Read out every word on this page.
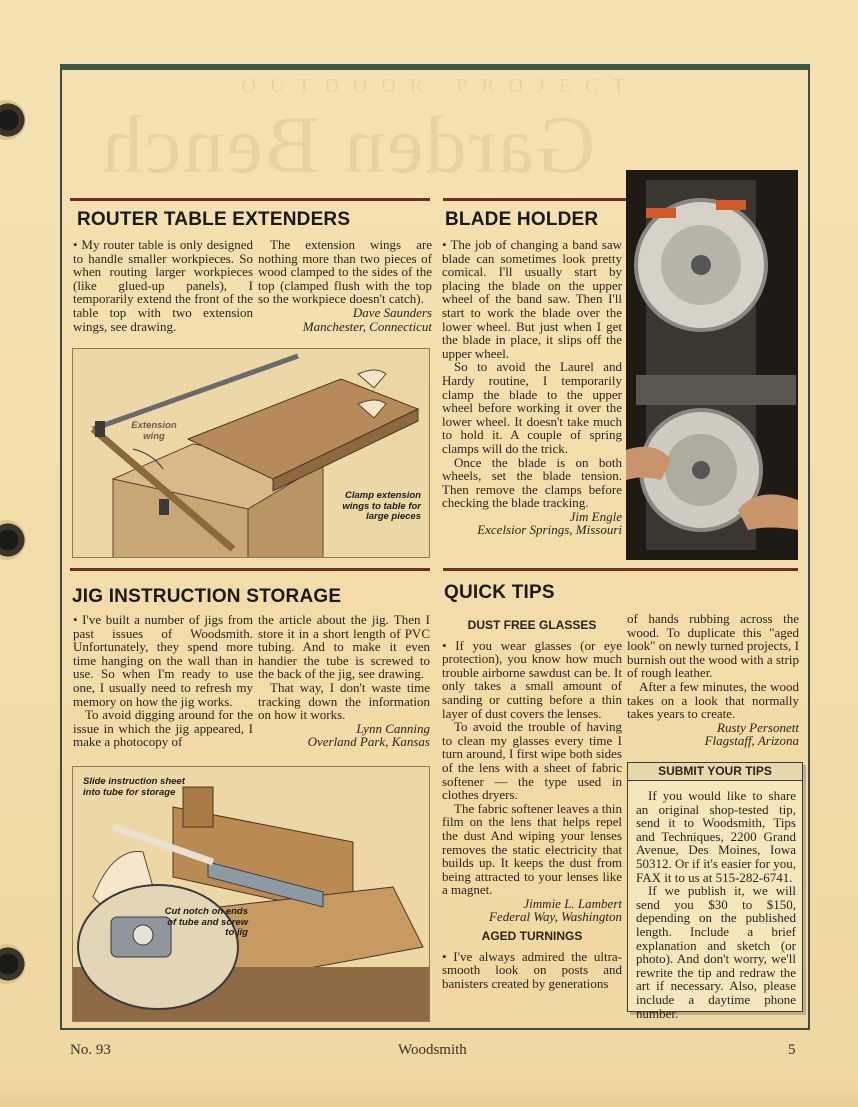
OUTDOOR PROJECT
Garden Bench
ROUTER TABLE EXTENDERS

• My router table is only designed to handle smaller workpieces. So when routing larger workpieces (like glued-up panels), I temporarily extend the front of the table top with two extension wings, see drawing.

The extension wings are nothing more than two pieces of wood clamped to the sides of the top (clamped flush with the top so the workpiece doesn't catch).

Dave Saunders
Manchester, Connecticut
Extension wing
Clamp extension wings to table for large pieces
BLADE HOLDER

• The job of changing a band saw blade can sometimes look pretty comical. I'll usually start by placing the blade on the upper wheel of the band saw. Then I'll start to work the blade over the lower wheel. But just when I get the blade in place, it slips off the upper wheel.

So to avoid the Laurel and Hardy routine, I temporarily clamp the blade to the upper wheel before working it over the lower wheel. It doesn't take much to hold it. A couple of spring clamps will do the trick.

Once the blade is on both wheels, set the blade tension. Then remove the clamps before checking the blade tracking.

Jim Engle
Excelsior Springs, Missouri
JIG INSTRUCTION STORAGE

• I've built a number of jigs from past issues of Woodsmith. Unfortunately, they spend more time hanging on the wall than in use. So when I'm ready to use one, I usually need to refresh my memory on how the jig works.

To avoid digging around for the issue in which the jig appeared, I make a photocopy of

the article about the jig. Then I store it in a short length of PVC tubing. And to make it even handier the tube is screwed to the back of the jig, see drawing.

That way, I don't waste time tracking down the information on how it works.

Lynn Canning
Overland Park, Kansas
Slide instruction sheet into tube for storage
Cut notch on ends of tube and screw to jig
QUICK TIPS
DUST FREE GLASSES

• If you wear glasses (or eye protection), you know how much trouble airborne sawdust can be. It only takes a small amount of sanding or cutting before a thin layer of dust covers the lenses.

To avoid the trouble of having to clean my glasses every time I turn around, I first wipe both sides of the lens with a sheet of fabric softener — the type used in clothes dryers.

The fabric softener leaves a thin film on the lens that helps repel the dust And wiping your lenses removes the static electricity that builds up. It keeps the dust from being attracted to your lenses like a magnet.

Jimmie L. Lambert
Federal Way, Washington
AGED TURNINGS

• I've always admired the ultra-smooth look on posts and banisters created by generations

of hands rubbing across the wood. To duplicate this "aged look" on newly turned projects, I burnish out the wood with a strip of rough leather.

After a few minutes, the wood takes on a look that normally takes years to create.

Rusty Personett
Flagstaff, Arizona
SUBMIT YOUR TIPS

If you would like to share an original shop-tested tip, send it to Woodsmith, Tips and Techniques, 2200 Grand Avenue, Des Moines, Iowa 50312. Or if it's easier for you, FAX it to us at 515-282-6741.

If we publish it, we will send you $30 to $150, depending on the published length. Include a brief explanation and sketch (or photo). And don't worry, we'll rewrite the tip and redraw the art if necessary. Also, please include a daytime phone number.

No. 93	Woodsmith	5
